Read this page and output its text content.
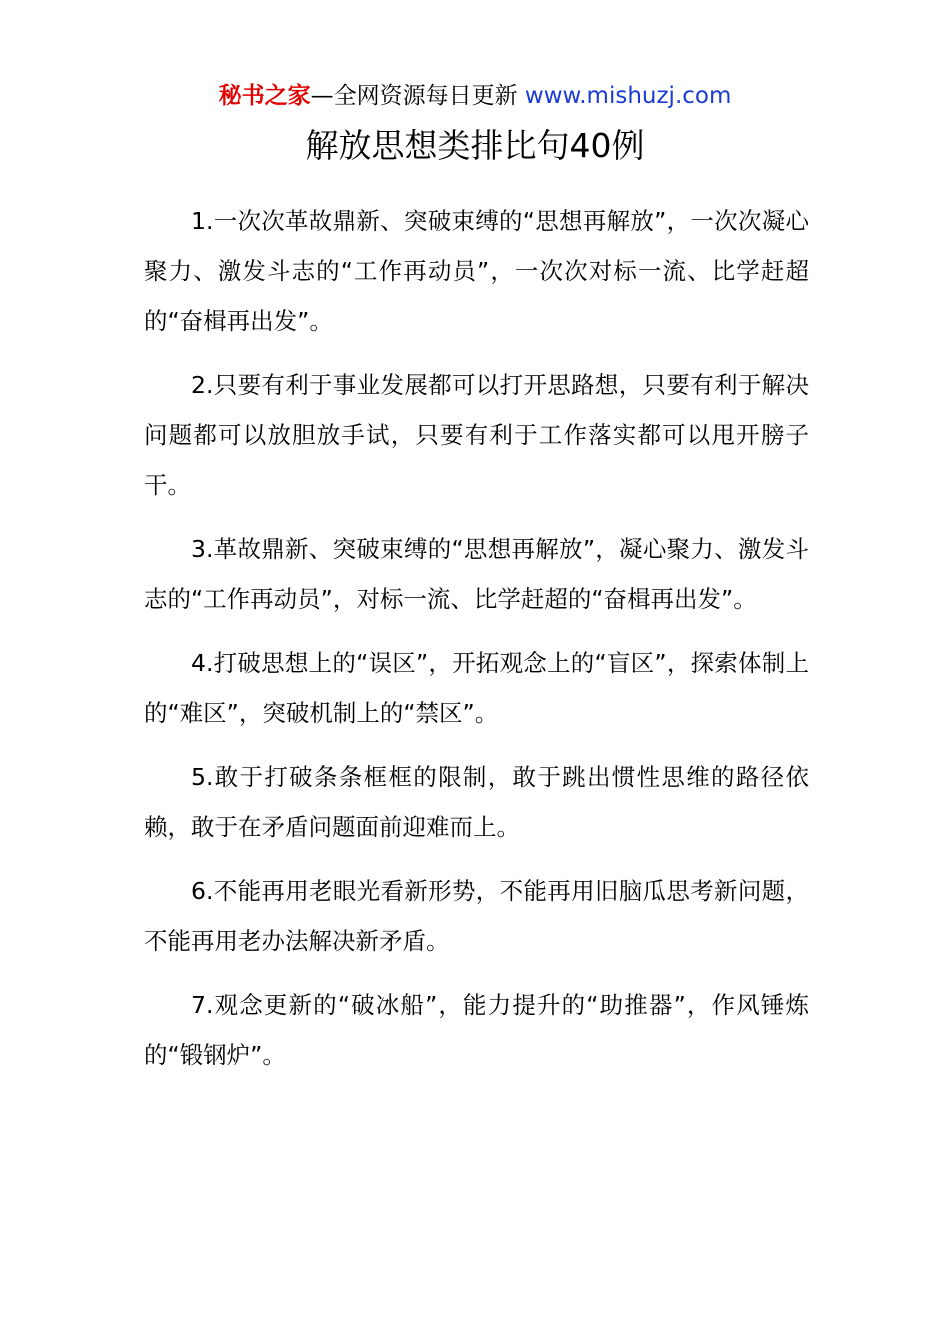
秘书之家—全网资源每日更新 www.mishuzj.com
解放思想类排比句40例

1.一次次革故鼎新、突破束缚的“思想再解放”，一次次凝心聚力、激发斗志的“工作再动员”，一次次对标一流、比学赶超的“奋楫再出发”。

2.只要有利于事业发展都可以打开思路想，只要有利于解决问题都可以放胆放手试，只要有利于工作落实都可以甩开膀子干。

3.革故鼎新、突破束缚的“思想再解放”，凝心聚力、激发斗志的“工作再动员”，对标一流、比学赶超的“奋楫再出发”。

4.打破思想上的“误区”，开拓观念上的“盲区”，探索体制上的“难区”，突破机制上的“禁区”。

5.敢于打破条条框框的限制，敢于跳出惯性思维的路径依赖，敢于在矛盾问题面前迎难而上。

6.不能再用老眼光看新形势，不能再用旧脑瓜思考新问题，不能再用老办法解决新矛盾。

7.观念更新的“破冰船”，能力提升的“助推器”，作风锤炼的“锻钢炉”。
